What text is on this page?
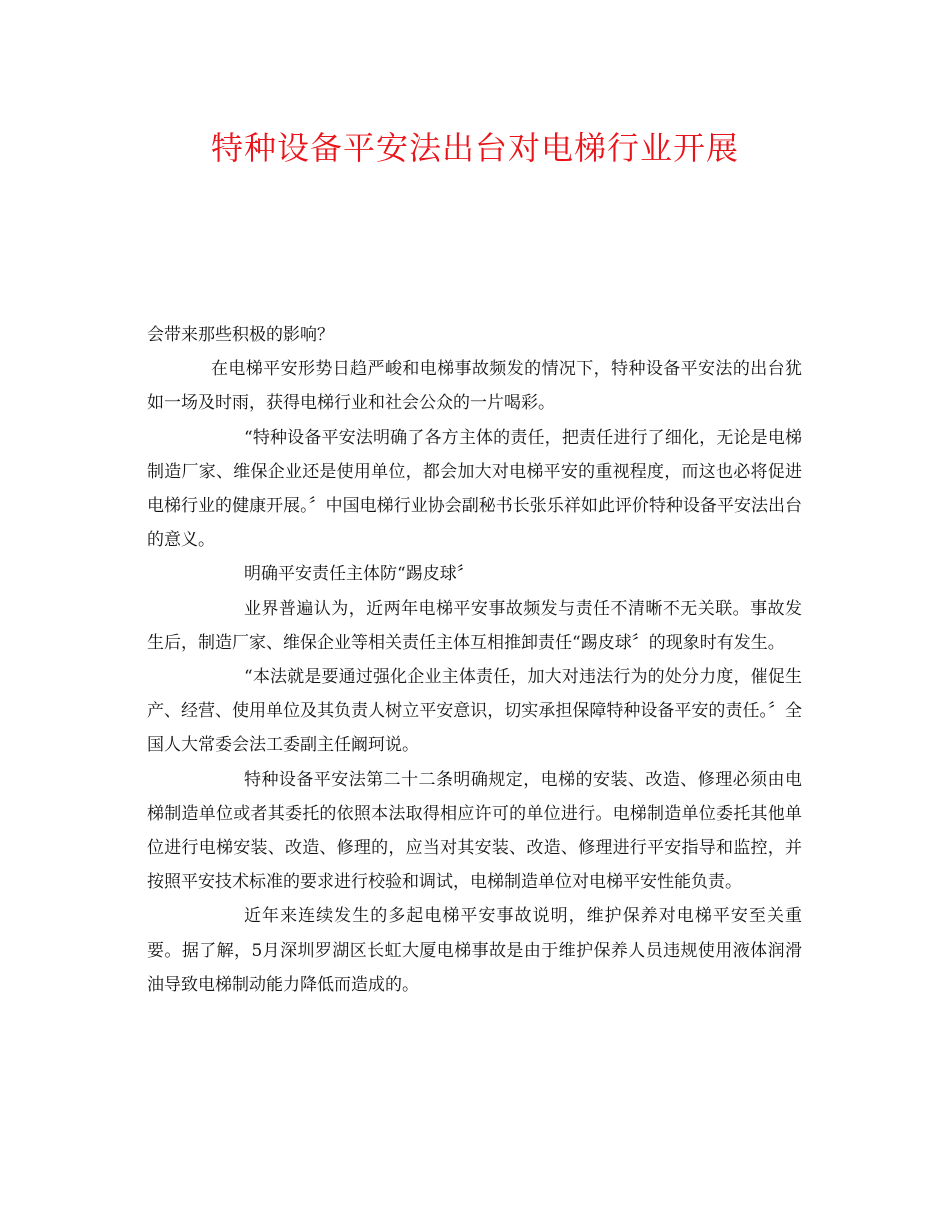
特种设备平安法出台对电梯行业开展

会带来那些积极的影响？

在电梯平安形势日趋严峻和电梯事故频发的情况下，特种设备平安法的出台犹如一场及时雨，获得电梯行业和社会公众的一片喝彩。

“特种设备平安法明确了各方主体的责任，把责任进行了细化，无论是电梯制造厂家、维保企业还是使用单位，都会加大对电梯平安的重视程度，而这也必将促进电梯行业的健康开展。〞中国电梯行业协会副秘书长张乐祥如此评价特种设备平安法出台的意义。

明确平安责任主体防“踢皮球〞

业界普遍认为，近两年电梯平安事故频发与责任不清晰不无关联。事故发生后，制造厂家、维保企业等相关责任主体互相推卸责任“踢皮球〞的现象时有发生。

“本法就是要通过强化企业主体责任，加大对违法行为的处分力度，催促生产、经营、使用单位及其负责人树立平安意识，切实承担保障特种设备平安的责任。〞全国人大常委会法工委副主任阚珂说。

特种设备平安法第二十二条明确规定，电梯的安装、改造、修理必须由电梯制造单位或者其委托的依照本法取得相应许可的单位进行。电梯制造单位委托其他单位进行电梯安装、改造、修理的，应当对其安装、改造、修理进行平安指导和监控，并按照平安技术标准的要求进行校验和调试，电梯制造单位对电梯平安性能负责。

近年来连续发生的多起电梯平安事故说明，维护保养对电梯平安至关重要。据了解，5月深圳罗湖区长虹大厦电梯事故是由于维护保养人员违规使用液体润滑油导致电梯制动能力降低而造成的。
